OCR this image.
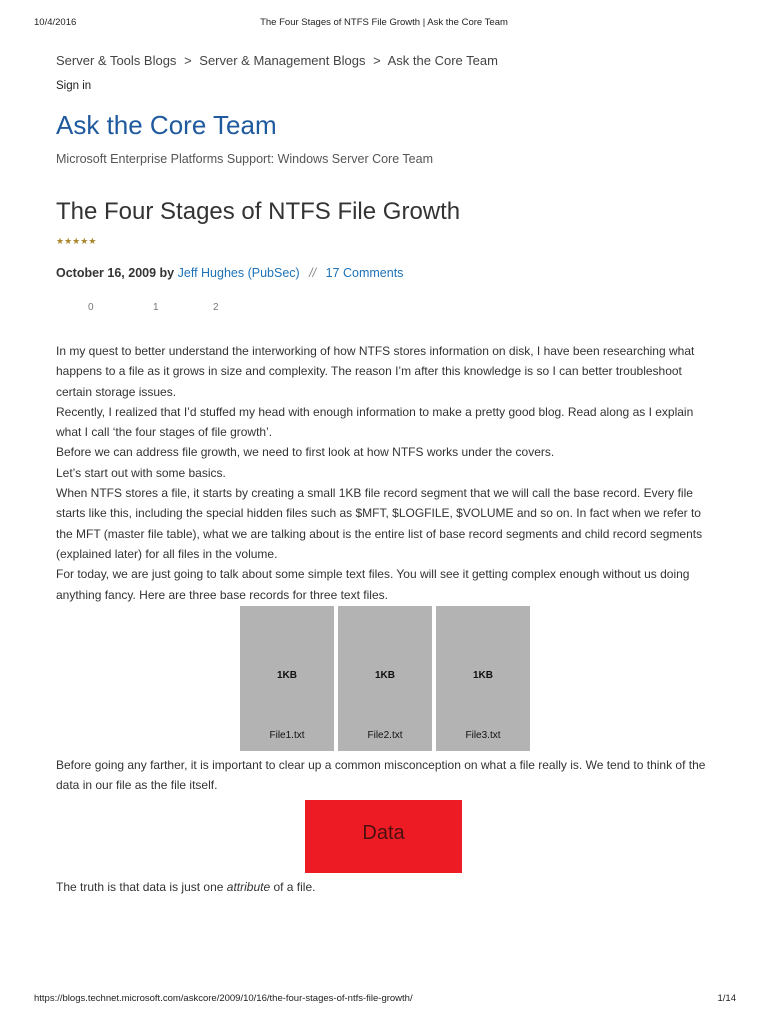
10/4/2016	The Four Stages of NTFS File Growth | Ask the Core Team
Server & Tools Blogs > Server & Management Blogs > Ask the Core Team
Sign in
Ask the Core Team
Microsoft Enterprise Platforms Support: Windows Server Core Team
The Four Stages of NTFS File Growth
★★★★★
October 16, 2009 by Jeff Hughes (PubSec) // 17 Comments
0	1	2

In my quest to better understand the interworking of how NTFS stores information on disk, I have been researching what happens to a file as it grows in size and complexity. The reason I’m after this knowledge is so I can better troubleshoot certain storage issues.

Recently, I realized that I’d stuffed my head with enough information to make a pretty good blog. Read along as I explain what I call ‘the four stages of file growth’.

Before we can address file growth, we need to first look at how NTFS works under the covers.

Let’s start out with some basics.

When NTFS stores a file, it starts by creating a small 1KB file record segment that we will call the base record. Every file starts like this, including the special hidden files such as $MFT, $LOGFILE, $VOLUME and so on. In fact when we refer to the MFT (master file table), what we are talking about is the entire list of base record segments and child record segments (explained later) for all files in the volume.

For today, we are just going to talk about some simple text files. You will see it getting complex enough without us doing anything fancy. Here are three base records for three text files.

1KB
File1.txt
1KB
File2.txt
1KB
File3.txt

Before going any farther, it is important to clear up a common misconception on what a file really is. We tend to think of the data in our file as the file itself.

Data
The truth is that data is just one attribute of a file.
https://blogs.technet.microsoft.com/askcore/2009/10/16/the-four-stages-of-ntfs-file-growth/	1/14
